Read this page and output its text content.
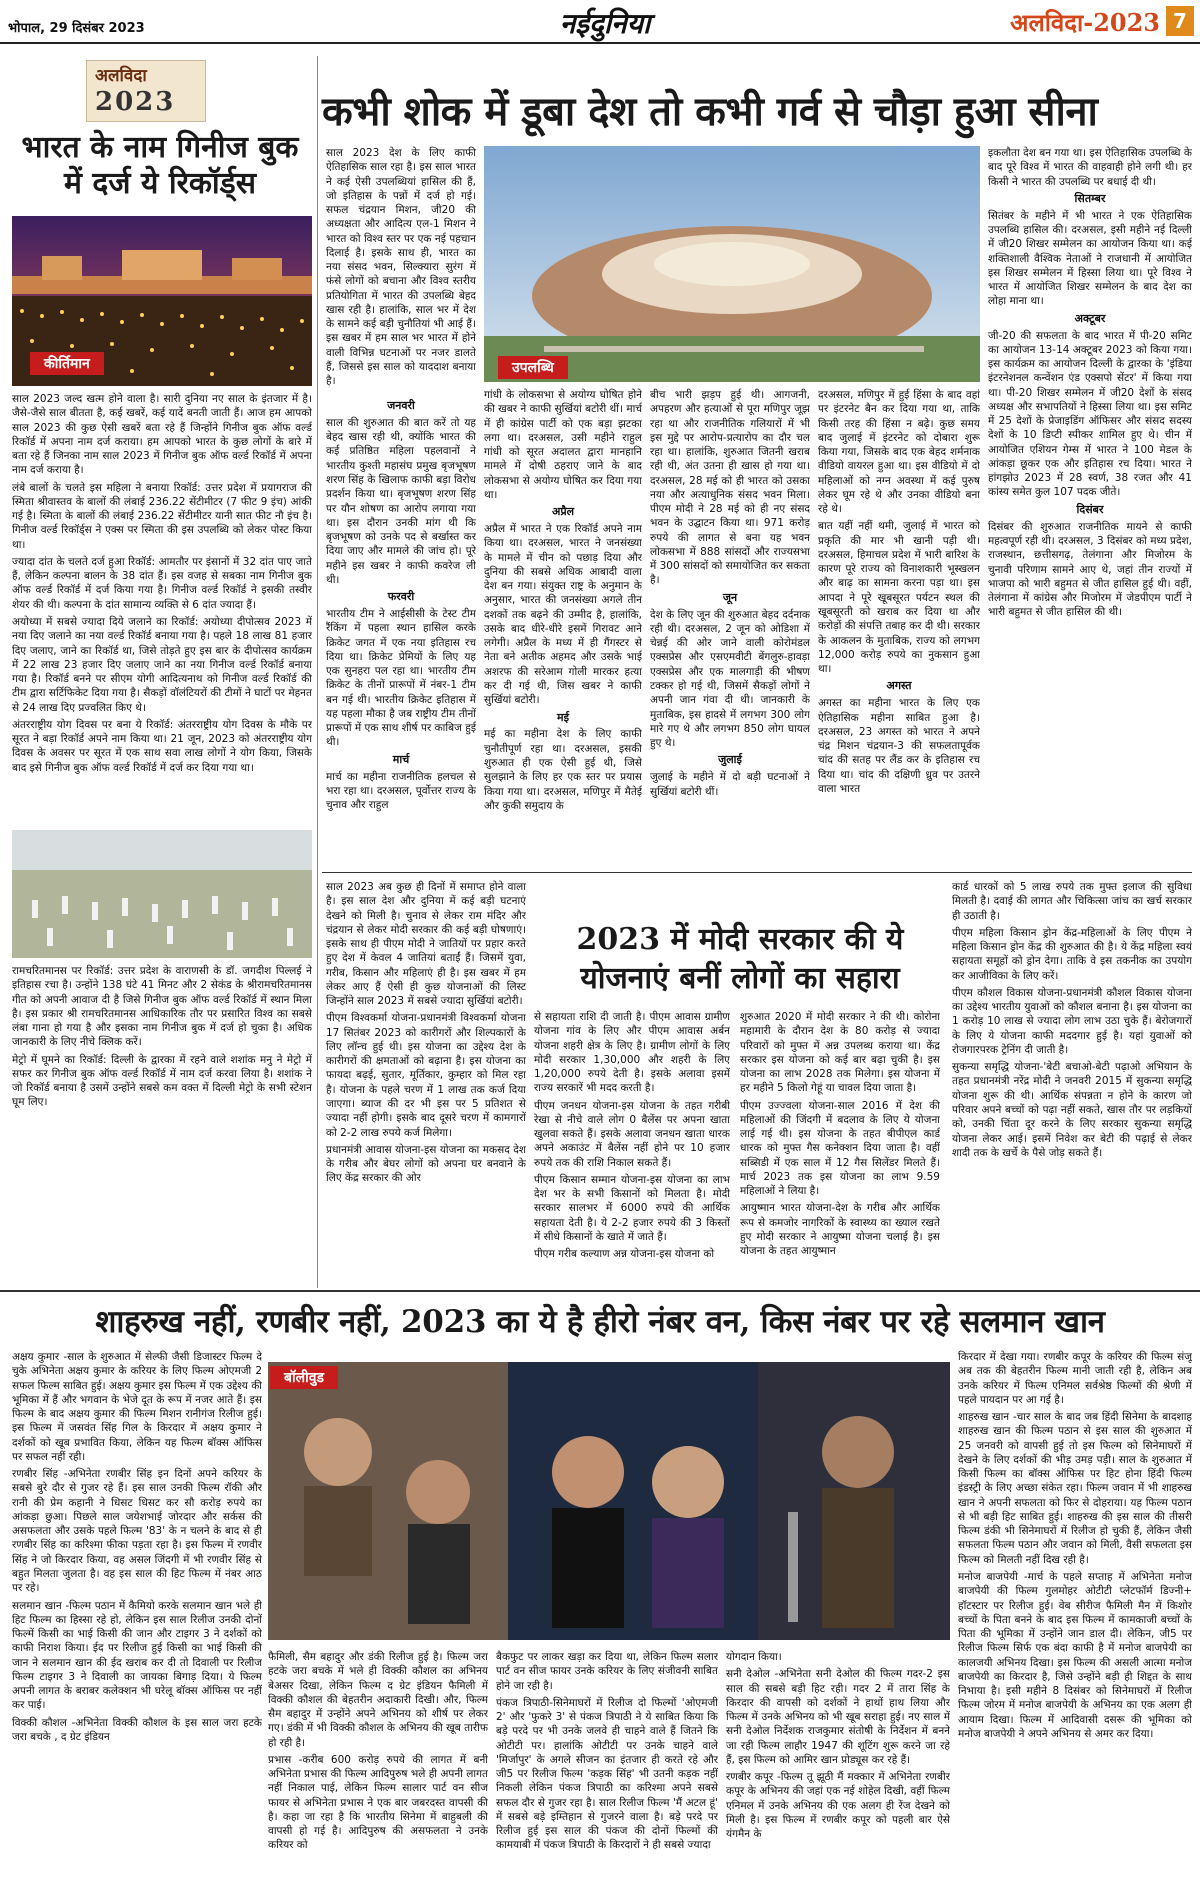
भोपाल, 29 दिसंबर 2023	नईदुनिया	अलविदा-2023 7
अलविदा
2023
भारत के नाम गिनीज बुक में दर्ज ये रिकॉर्ड्स
कीर्तिमान

साल 2023 जल्द खत्म होने वाला है। सारी दुनिया नए साल के इंतजार में है। जैसे-जैसे साल बीतता है, कई खबरें, कई यादें बनती जाती हैं। आज हम आपको साल 2023 की कुछ ऐसी खबरें बता रहे हैं जिन्होंने गिनीज बुक ऑफ वर्ल्ड रिकॉर्ड में अपना नाम दर्ज कराया। हम आपको भारत के कुछ लोगों के बारे में बता रहे हैं जिनका नाम साल 2023 में गिनीज बुक ऑफ वर्ल्ड रिकॉर्ड में अपना नाम दर्ज कराया है।

लंबे बालों के चलते इस महिला ने बनाया रिकॉर्ड: उत्तर प्रदेश में प्रयागराज की स्मिता श्रीवास्तव के बालों की लंबाई 236.22 सेंटीमीटर (7 फीट 9 इंच) आंकी गई है। स्मिता के बालों की लंबाई 236.22 सेंटीमीटर यानी सात फीट नौ इंच है। गिनीज वर्ल्ड रिकॉर्ड्स ने एक्स पर स्मिता की इस उपलब्धि को लेकर पोस्ट किया था।

ज्यादा दांत के चलते दर्ज हुआ रिकॉर्ड: आमतौर पर इंसानों में 32 दांत पाए जाते हैं, लेकिन कल्पना बालन के 38 दांत हैं। इस वजह से सबका नाम गिनीज बुक ऑफ वर्ल्ड रिकॉर्ड में दर्ज किया गया है। गिनीज वर्ल्ड रिकॉर्ड ने इसकी तस्वीर शेयर की थी। कल्पना के दांत सामान्य व्यक्ति से 6 दांत ज्यादा हैं।

अयोध्या में सबसे ज्यादा दिये जलाने का रिकॉर्ड: अयोध्या दीपोत्सव 2023 में नया दिए जलाने का नया वर्ल्ड रिकॉर्ड बनाया गया है। पहले 18 लाख 81 हजार दिए जलाए, जाने का रिकॉर्ड था, जिसे तोड़ते हुए इस बार के दीपोत्सव कार्यक्रम में 22 लाख 23 हजार दिए जलाए जाने का नया गिनीज वर्ल्ड रिकॉर्ड बनाया गया है। रिकॉर्ड बनने पर सीएम योगी आदित्यनाथ को गिनीज वर्ल्ड रिकॉर्ड की टीम द्वारा सर्टिफिकेट दिया गया है। सैकड़ों वॉलंटियरों की टीमों ने घाटों पर मेहनत से 24 लाख दिए प्रज्वलित किए थे।

अंतरराष्ट्रीय योग दिवस पर बना ये रिकॉर्ड: अंतरराष्ट्रीय योग दिवस के मौके पर सूरत ने बड़ा रिकॉर्ड अपने नाम किया था। 21 जून, 2023 को अंतरराष्ट्रीय योग दिवस के अवसर पर सूरत में एक साथ सवा लाख लोगों ने योग किया, जिसके बाद इसे गिनीज बुक ऑफ वर्ल्ड रिकॉर्ड में दर्ज कर दिया गया था।

रामचरितमानस पर रिकॉर्ड: उत्तर प्रदेश के वाराणसी के डॉ. जगदीश पिल्लई ने इतिहास रचा है। उन्होंने 138 घंटे 41 मिनट और 2 सेकंड के श्रीरामचरितमानस गीत को अपनी आवाज दी है जिसे गिनीज बुक ऑफ वर्ल्ड रिकॉर्ड में स्थान मिला है। इस प्रकार श्री रामचरितमानस आधिकारिक तौर पर प्रसारित विश्व का सबसे लंबा गाना हो गया है और इसका नाम गिनीज बुक में दर्ज हो चुका है। अधिक जानकारी के लिए नीचे क्लिक करें।

मेट्रो में घूमने का रिकॉर्ड: दिल्ली के द्वारका में रहने वाले शशांक मनु ने मेट्रो में सफर कर गिनीज बुक ऑफ वर्ल्ड रिकॉर्ड में नाम दर्ज करवा लिया है। शशांक ने जो रिकॉर्ड बनाया है उसमें उन्होंने सबसे कम वक्त में दिल्ली मेट्रो के सभी स्टेशन घूम लिए।

कभी शोक में डूबा देश तो कभी गर्व से चौड़ा हुआ सीना

साल 2023 देश के लिए काफी ऐतिहासिक साल रहा है। इस साल भारत ने कई ऐसी उपलब्धियां हासिल की हैं, जो इतिहास के पन्नों में दर्ज हो गई। सफल चंद्रयान मिशन, जी20 की अध्यक्षता और आदित्य एल-1 मिशन ने भारत को विश्व स्तर पर एक नई पहचान दिलाई है। इसके साथ ही, भारत का नया संसद भवन, सिल्क्यारा सुरंग में फंसे लोगों को बचाना और विश्व स्तरीय प्रतियोगिता में भारत की उपलब्धि बेहद खास रही है। हालांकि, साल भर में देश के सामने कई बड़ी चुनौतियां भी आई हैं। इस खबर में हम साल भर भारत में होने वाली विभिन्न घटनाओं पर नजर डालते हैं, जिससे इस साल को याददाश बनाया है।

उपलब्धि
जनवरी

साल की शुरुआत की बात करें तो यह बेहद खास रही थी, क्योंकि भारत की कई प्रतिष्ठित महिला पहलवानों ने भारतीय कुश्ती महासंघ प्रमुख बृजभूषण शरण सिंह के खिलाफ काफी बड़ा विरोध प्रदर्शन किया था। बृजभूषण शरण सिंह पर यौन शोषण का आरोप लगाया गया था। इस दौरान उनकी मांग थी कि बृजभूषण को उनके पद से बर्खास्त कर दिया जाए और मामले की जांच हो। पूरे महीने इस खबर ने काफी कवरेज ली थी।

फरवरी

भारतीय टीम ने आईसीसी के टेस्ट टीम रैंकिंग में पहला स्थान हासिल करके क्रिकेट जगत में एक नया इतिहास रच दिया था। क्रिकेट प्रेमियों के लिए यह एक सुनहरा पल रहा था। भारतीय टीम क्रिकेट के तीनों प्रारूपों में नंबर-1 टीम बन गई थी। भारतीय क्रिकेट इतिहास में यह पहला मौका है जब राष्ट्रीय टीम तीनों प्रारूपों में एक साथ शीर्ष पर काबिज हुई थी।

मार्च

मार्च का महीना राजनीतिक हलचल से भरा रहा था। दरअसल, पूर्वोत्तर राज्य के चुनाव और राहुल

गांधी के लोकसभा से अयोग्य घोषित होने की खबर ने काफी सुर्खियां बटोरी थीं। मार्च में ही कांग्रेस पार्टी को एक बड़ा झटका लगा था। दरअसल, उसी महीने राहुल गांधी को सूरत अदालत द्वारा मानहानि मामले में दोषी ठहराए जाने के बाद लोकसभा से अयोग्य घोषित कर दिया गया था।

अप्रैल

अप्रैल में भारत ने एक रिकॉर्ड अपने नाम किया था। दरअसल, भारत ने जनसंख्या के मामले में चीन को पछाड़ दिया और दुनिया की सबसे अधिक आबादी वाला देश बन गया। संयुक्त राष्ट्र के अनुमान के अनुसार, भारत की जनसंख्या अगले तीन दशकों तक बढ़ने की उम्मीद है, हालांकि, उसके बाद धीरे-धीरे इसमें गिरावट आने लगेगी। अप्रैल के मध्य में ही गैंगस्टर से नेता बने अतीक अहमद और उसके भाई अशरफ की सरेआम गोली मारकर हत्या कर दी गई थी, जिस खबर ने काफी सुर्खियां बटोरी।

मई

मई का महीना देश के लिए काफी चुनौतीपूर्ण रहा था। दरअसल, इसकी शुरुआत ही एक ऐसी हुई थी, जिसे सुलझाने के लिए हर एक स्तर पर प्रयास किया गया था। दरअसल, मणिपुर में मैतेई और कुकी समुदाय के

बीच भारी झड़प हुई थी। आगजनी, अपहरण और हत्याओं से पूरा मणिपुर जूझ रहा था और राजनीतिक गलियारों में भी इस मुद्दे पर आरोप-प्रत्यारोप का दौर चल रहा था। हालांकि, शुरुआत जितनी खराब रही थी, अंत उतना ही खास हो गया था। दरअसल, 28 मई को ही भारत को उसका नया और अत्याधुनिक संसद भवन मिला। पीएम मोदी ने 28 मई को ही नए संसद भवन के उद्घाटन किया था। 971 करोड़ रुपये की लागत से बना यह भवन लोकसभा में 888 सांसदों और राज्यसभा में 300 सांसदों को समायोजित कर सकता है।

जून

देश के लिए जून की शुरुआत बेहद दर्दनाक रही थी। दरअसल, 2 जून को ओडिशा में चेन्नई की ओर जाने वाली कोरोमंडल एक्सप्रेस और एसएमवीटी बेंगलुरु-हावड़ा एक्सप्रेस और एक मालगाड़ी की भीषण टक्कर हो गई थी, जिसमें सैकड़ों लोगों ने अपनी जान गंवा दी थी। जानकारी के मुताबिक, इस हादसे में लगभग 300 लोग मारे गए थे और लगभग 850 लोग घायल हुए थे।

जुलाई

जुलाई के महीने में दो बड़ी घटनाओं ने सुर्खियां बटोरी थीं।

दरअसल, मणिपुर में हुई हिंसा के बाद वहां पर इंटरनेट बैन कर दिया गया था, ताकि किसी तरह की हिंसा न बढ़े। कुछ समय बाद जुलाई में इंटरनेट को दोबारा शुरू किया गया, जिसके बाद एक बेहद शर्मनाक वीडियो वायरल हुआ था। इस वीडियो में दो महिलाओं को नग्न अवस्था में कई पुरुष लेकर घूम रहे थे और उनका वीडियो बना रहे थे।

बात यहीं नहीं थमी, जुलाई में भारत को प्रकृति की मार भी खानी पड़ी थी। दरअसल, हिमाचल प्रदेश में भारी बारिश के कारण पूरे राज्य को विनाशकारी भूस्खलन और बाढ़ का सामना करना पड़ा था। इस आपदा ने पूरे खूबसूरत पर्यटन स्थल की खूबसूरती को खराब कर दिया था और करोड़ों की संपत्ति तबाह कर दी थी। सरकार के आकलन के मुताबिक, राज्य को लगभग 12,000 करोड़ रुपये का नुकसान हुआ था।

अगस्त

अगस्त का महीना भारत के लिए एक ऐतिहासिक महीना साबित हुआ है। दरअसल, 23 अगस्त को भारत ने अपने चंद्र मिशन चंद्रयान-3 की सफलतापूर्वक चांद की सतह पर लैंड कर के इतिहास रच दिया था। चांद की दक्षिणी ध्रुव पर उतरने वाला भारत

इकलौता देश बन गया था। इस ऐतिहासिक उपलब्धि के बाद पूरे विश्व में भारत की वाहवाही होने लगी थी। हर किसी ने भारत की उपलब्धि पर बधाई दी थी।

सितम्बर

सितंबर के महीने में भी भारत ने एक ऐतिहासिक उपलब्धि हासिल की। दरअसल, इसी महीने नई दिल्ली में जी20 शिखर सम्मेलन का आयोजन किया था। कई शक्तिशाली वैश्विक नेताओं ने राजधानी में आयोजित इस शिखर सम्मेलन में हिस्सा लिया था। पूरे विश्व ने भारत में आयोजित शिखर सम्मेलन के बाद देश का लोहा माना था।

अक्टूबर

जी-20 की सफलता के बाद भारत में पी-20 समिट का आयोजन 13-14 अक्टूबर 2023 को किया गया। इस कार्यक्रम का आयोजन दिल्ली के द्वारका के 'इंडिया इंटरनेशनल कन्वेंशन एंड एक्सपो सेंटर' में किया गया था। पी-20 शिखर सम्मेलन में जी20 देशों के संसद अध्यक्ष और सभापतियों ने हिस्सा लिया था। इस समिट में 25 देशों के प्रेजाइडिंग ऑफिसर और संसद सदस्य देशों के 10 डिप्टी स्पीकर शामिल हुए थे। चीन में आयोजित एशियन गेम्स में भारत ने 100 मेडल के आंकड़ा छूकर एक और इतिहास रच दिया। भारत ने हांगझोउ 2023 में 28 स्वर्ण, 38 रजत और 41 कांस्य समेत कुल 107 पदक जीते।

दिसंबर

दिसंबर की शुरुआत राजनीतिक मायने से काफी महत्वपूर्ण रही थी। दरअसल, 3 दिसंबर को मध्य प्रदेश, राजस्थान, छत्तीसगढ़, तेलंगाना और मिजोरम के चुनावी परिणाम सामने आए थे, जहां तीन राज्यों में भाजपा को भारी बहुमत से जीत हासिल हुई थी। वहीं, तेलंगाना में कांग्रेस और मिजोरम में जेडपीएम पार्टी ने भारी बहुमत से जीत हासिल की थी।

साल 2023 अब कुछ ही दिनों में समाप्त होने वाला है। इस साल देश और दुनिया में कई बड़ी घटनाएं देखने को मिली है। चुनाव से लेकर राम मंदिर और चंद्रयान से लेकर मोदी सरकार की कई बड़ी घोषणाएं। इसके साथ ही पीएम मोदी ने जातियों पर प्रहार करते हुए देश में केवल 4 जातियां बताईं हैं। जिसमें युवा, गरीब, किसान और महिलाएं ही है। इस खबर में हम लेकर आए हैं ऐसी ही कुछ योजनाओं की लिस्ट जिन्होंने साल 2023 में सबसे ज्यादा सुर्खियां बटोरी।

पीएम विश्वकर्मा योजना-प्रधानमंत्री विश्वकर्मा योजना 17 सितंबर 2023 को कारीगरों और शिल्पकारों के लिए लॉन्च हुई थी। इस योजना का उद्देश्य देश के कारीगरों की क्षमताओं को बढ़ाना है। इस योजना का फायदा बढ़ई, सुतार, मूर्तिकार, कुम्हार को मिल रहा है। योजना के पहले चरण में 1 लाख तक कर्ज दिया जाएगा। ब्याज की दर भी इस पर 5 प्रतिशत से ज्यादा नहीं होगी। इसके बाद दूसरे चरण में कामगारों को 2-2 लाख रुपये कर्ज मिलेगा।

प्रधानमंत्री आवास योजना-इस योजना का मकसद देश के गरीब और बेघर लोगों को अपना घर बनवाने के लिए केंद्र सरकार की ओर

2023 में मोदी सरकार की ये योजनाएं बनीं लोगों का सहारा

से सहायता राशि दी जाती है। पीएम आवास ग्रामीण योजना गांव के लिए और पीएम आवास अर्बन योजना शहरी क्षेत्र के लिए है। ग्रामीण लोगों के लिए मोदी सरकार 1,30,000 और शहरी के लिए 1,20,000 रुपये देती है। इसके अलावा इसमें राज्य सरकारें भी मदद करती है।

पीएम जनधन योजना-इस योजना के तहत गरीबी रेखा से नीचे वाले लोग 0 बैलेंस पर अपना खाता खुलवा सकते हैं। इसके अलावा जनधन खाता धारक अपने अकाउंट में बैलेंस नहीं होने पर 10 हजार रुपये तक की राशि निकाल सकते हैं।

पीएम किसान सम्मान योजना-इस योजना का लाभ देश भर के सभी किसानों को मिलता है। मोदी सरकार सालभर में 6000 रुपये की आर्थिक सहायता देती है। ये 2-2 हजार रुपये की 3 किस्तों में सीधे किसानों के खाते में जाते हैं।

पीएम गरीब कल्याण अन्न योजना-इस योजना को

शुरुआत 2020 में मोदी सरकार ने की थी। कोरोना महामारी के दौरान देश के 80 करोड़ से ज्यादा परिवारों को मुफ्त में अन्न उपलब्ध कराया था। केंद्र सरकार इस योजना को कई बार बढ़ा चुकी है। इस योजना का लाभ 2028 तक मिलेगा। इस योजना में हर महीने 5 किलो गेहूं या चावल दिया जाता है।

पीएम उज्ज्वला योजना-साल 2016 में देश की महिलाओं की जिंदगी में बदलाव के लिए ये योजना लाई गई थी। इस योजना के तहत बीपीएल कार्ड धारक को मुफ्त गैस कनेक्शन दिया जाता है। वहीं सब्सिडी में एक साल में 12 गैस सिलेंडर मिलते हैं। मार्च 2023 तक इस योजना का लाभ 9.59 महिलाओं ने लिया है।

आयुष्मान भारत योजना-देश के गरीब और आर्थिक रूप से कमजोर नागरिकों के स्वास्थ्य का ख्याल रखते हुए मोदी सरकार ने आयुष्मा योजना चलाई है। इस योजना के तहत आयुष्मान

कार्ड धारकों को 5 लाख रुपये तक मुफ्त इलाज की सुविधा मिलती है। दवाई की लागत और चिकित्सा जांच का खर्च सरकार ही उठाती है।

पीएम महिला किसान ड्रोन केंद्र-महिलाओं के लिए पीएम ने महिला किसान ड्रोन केंद्र की शुरुआत की है। ये केंद्र महिला स्वयं सहायता समूहों को ड्रोन देगा। ताकि वे इस तकनीक का उपयोग कर आजीविका के लिए करें।

पीएम कौशल विकास योजना-प्रधानमंत्री कौशल विकास योजना का उद्देश्य भारतीय युवाओं को कौशल बनाना है। इस योजना का 1 करोड़ 10 लाख से ज्यादा लोग लाभ उठा चुके हैं। बेरोजगारों के लिए ये योजना काफी मददगार हुई है। यहां युवाओं को रोजगारपरक ट्रेनिंग दी जाती है।

सुकन्या समृद्धि योजना-'बेटी बचाओ-बेटी पढ़ाओ अभियान के तहत प्रधानमंत्री नरेंद्र मोदी ने जनवरी 2015 में सुकन्या समृद्धि योजना शुरू की थी। आर्थिक संपन्नता न होने के कारण जो परिवार अपने बच्चों को पढ़ा नहीं सकते, खास तौर पर लड़कियों को, उनकी चिंता दूर करने के लिए सरकार सुकन्या समृद्धि योजना लेकर आई। इसमें निवेश कर बेटी की पढ़ाई से लेकर शादी तक के खर्चे के पैसे जोड़ सकते हैं।

शाहरुख नहीं, रणबीर नहीं, 2023 का ये है हीरो नंबर वन, किस नंबर पर रहे सलमान खान

अक्षय कुमार -साल के शुरुआत में सेल्फी जैसी डिजास्टर फिल्म दे चुके अभिनेता अक्षय कुमार के करियर के लिए फिल्म ओएमजी 2 सफल फिल्म साबित हुई। अक्षय कुमार इस फिल्म में एक उद्देश्य की भूमिका में हैं और भगवान के भेजे दूत के रूप में नजर आते हैं। इस फिल्म के बाद अक्षय कुमार की फिल्म मिशन रानीगंज रिलीज हुई। इस फिल्म में जसवंत सिंह गिल के किरदार में अक्षय कुमार ने दर्शकों को खूब प्रभावित किया, लेकिन यह फिल्म बॉक्स ऑफिस पर सफल नहीं रही।

रणबीर सिंह -अभिनेता रणबीर सिंह इन दिनों अपने करियर के सबसे बुरे दौर से गुजर रहे हैं। इस साल उनकी फिल्म रॉकी और रानी की प्रेम कहानी ने धिसट धिसट कर सौ करोड़ रुपये का आंकड़ा छुआ। पिछले साल जयेशभाई जोरदार और सर्कस की असफलता और उसके पहले फिल्म '83' के न चलने के बाद से ही रणबीर सिंह का करिश्मा फीका पड़ता रहा है। इस फिल्म में रणवीर सिंह ने जो किरदार किया, वह असल जिंदगी में भी रणवीर सिंह से बहुत मिलता जुलता है। वह इस साल की हिट फिल्म में नंबर आठ पर रहे।

सलमान खान -फिल्म पठान में कैमियो करके सलमान खान भले ही हिट फिल्म का हिस्सा रहे हो, लेकिन इस साल रिलीज उनकी दोनों फिल्में किसी का भाई किसी की जान और टाइगर 3 ने दर्शकों को काफी निराश किया। ईद पर रिलीज हुई किसी का भाई किसी की जान ने सलमान खान की ईद खराब कर दी तो दिवाली पर रिलीज फिल्म टाइगर 3 ने दिवाली का जायका बिगाड़ दिया। ये फिल्म अपनी लागत के बराबर कलेक्शन भी घरेलू बॉक्स ऑफिस पर नहीं कर पाई।

विक्की कौशल -अभिनेता विक्की कौशल के इस साल जरा हटके जरा बचके , द ग्रेट इंडियन

बॉलीवुड

फैमिली, सैम बहादुर और डंकी रिलीज हुई है। फिल्म जरा हटके जरा बचके में भले ही विक्की कौशल का अभिनय बेअसर दिखा, लेकिन फिल्म द ग्रेट इंडियन फैमिली में विक्की कौशल की बेहतरीन अदाकारी दिखी। और, फिल्म सैम बहादुर में उन्होंने अपने अभिनय को शीर्ष पर लेकर गए। डंकी में भी विक्की कौशल के अभिनय की खूब तारीफ हो रही है।

प्रभास -करीब 600 करोड़ रुपये की लागत में बनी अभिनेता प्रभास की फिल्म आदिपुरुष भले ही अपनी लागत नहीं निकाल पाई, लेकिन फिल्म सालार पार्ट वन सीज फायर से अभिनेता प्रभास ने एक बार जबरदस्त वापसी की है। कहा जा रहा है कि भारतीय सिनेमा में बाहुबली की वापसी हो गई है। आदिपुरुष की असफलता ने उनके करियर को

बैकफुट पर लाकर खड़ा कर दिया था, लेकिन फिल्म सलार पार्ट वन सीज फायर उनके करियर के लिए संजीवनी साबित होने जा रही है।

पंकज त्रिपाठी-सिनेमाघरों में रिलीज दो फिल्मों 'ओएमजी 2' और 'फुकरे 3' से पंकज त्रिपाठी ने ये साबित किया कि बड़े परदे पर भी उनके जलवे ही चाहने वाले हैं जितने कि ओटीटी पर। हालांकि ओटीटी पर उनके चाहने वाले 'मिर्जापुर' के अगले सीजन का इंतजार ही करते रहे और जी5 पर रिलीज फिल्म 'कड़क सिंह' भी उतनी कड़क नहीं निकली लेकिन पंकज त्रिपाठी का करिश्मा अपने सबसे सफल दौर से गुजर रहा है। साल रिलीज फिल्म 'मैं अटल हूं' में सबसे बड़े इम्तिहान से गुजरने वाला है। बड़े परदे पर रिलीज हुई इस साल की पंकज की दोनों फिल्मों की कामयाबी में पंकज त्रिपाठी के किरदारों ने ही सबसे ज्यादा

योगदान किया।

सनी देओल -अभिनेता सनी देओल की फिल्म गदर-2 इस साल की सबसे बड़ी हिट रही। गदर 2 में तारा सिंह के किरदार की वापसी को दर्शकों ने हाथों हाथ लिया और फिल्म में उनके अभिनय को भी खूब सराहा हुई। नए साल में सनी देओल निर्देशक राजकुमार संतोषी के निर्देशन में बनने जा रही फिल्म लाहौर 1947 की शूटिंग शुरू करने जा रहे हैं, इस फिल्म को आमिर खान प्रोड्यूस कर रहे हैं।

रणबीर कपूर -फिल्म तू झूठी मैं मक्कार में अभिनेता रणबीर कपूर के अभिनय की जहां एक नई शोहेल दिखी, वहीं फिल्म एनिमल में उनके अभिनय की एक अलग ही रेंज देखने को मिली है। इस फिल्म में रणबीर कपूर को पहली बार ऐसे यंगमैन के

किरदार में देखा गया। रणबीर कपूर के करियर की फिल्म संजू अब तक की बेहतरीन फिल्म मानी जाती रही है, लेकिन अब उनके करियर में फिल्म एनिमल सर्वश्रेष्ठ फिल्मों की श्रेणी में पहले पायदान पर आ गई है।

शाहरुख खान -चार साल के बाद जब हिंदी सिनेमा के बादशाह शाहरुख खान की फिल्म पठान से इस साल की शुरुआत में 25 जनवरी को वापसी हुई तो इस फिल्म को सिनेमाघरों में देखने के लिए दर्शकों की भीड़ उमड़ पड़ी। साल के शुरुआत में किसी फिल्म का बॉक्स ऑफिस पर हिट होना हिंदी फिल्म इंडस्ट्री के लिए अच्छा संकेत रहा। फिल्म जवान में भी शाहरुख खान ने अपनी सफलता को फिर से दोहराया। यह फिल्म पठान से भी बड़ी हिट साबित हुई। शाहरुख की इस साल की तीसरी फिल्म डंकी भी सिनेमाघरों में रिलीज हो चुकी हैं, लेकिन जैसी सफलता फिल्म पठान और जवान को मिली, वैसी सफलता इस फिल्म को मिलती नहीं दिख रही है।

मनोज बाजपेयी -मार्च के पहले सप्ताह में अभिनेता मनोज बाजपेयी की फिल्म गुलमोहर ओटीटी प्लेटफॉर्म डिज्नी+ हॉटस्टार पर रिलीज हुई। वेब सीरीज फैमिली मैन में किशोर बच्चों के पिता बनने के बाद इस फिल्म में कामकाजी बच्चों के पिता की भूमिका में उन्होंने जान डाल दी। लेकिन, जी5 पर रिलीज फिल्म सिर्फ एक बंदा काफी है में मनोज बाजपेयी का कालजयी अभिनय दिखा। इस फिल्म की असली आत्मा मनोज बाजपेयी का किरदार है, जिसे उन्होंने बड़ी ही शिद्दत के साथ निभाया है। इसी महीने 8 दिसंबर को सिनेमाघरों में रिलीज फिल्म जोरम में मनोज बाजपेयी के अभिनय का एक अलग ही आयाम दिखा। फिल्म में आदिवासी दसरू की भूमिका को मनोज बाजपेयी ने अपने अभिनय से अमर कर दिया।
